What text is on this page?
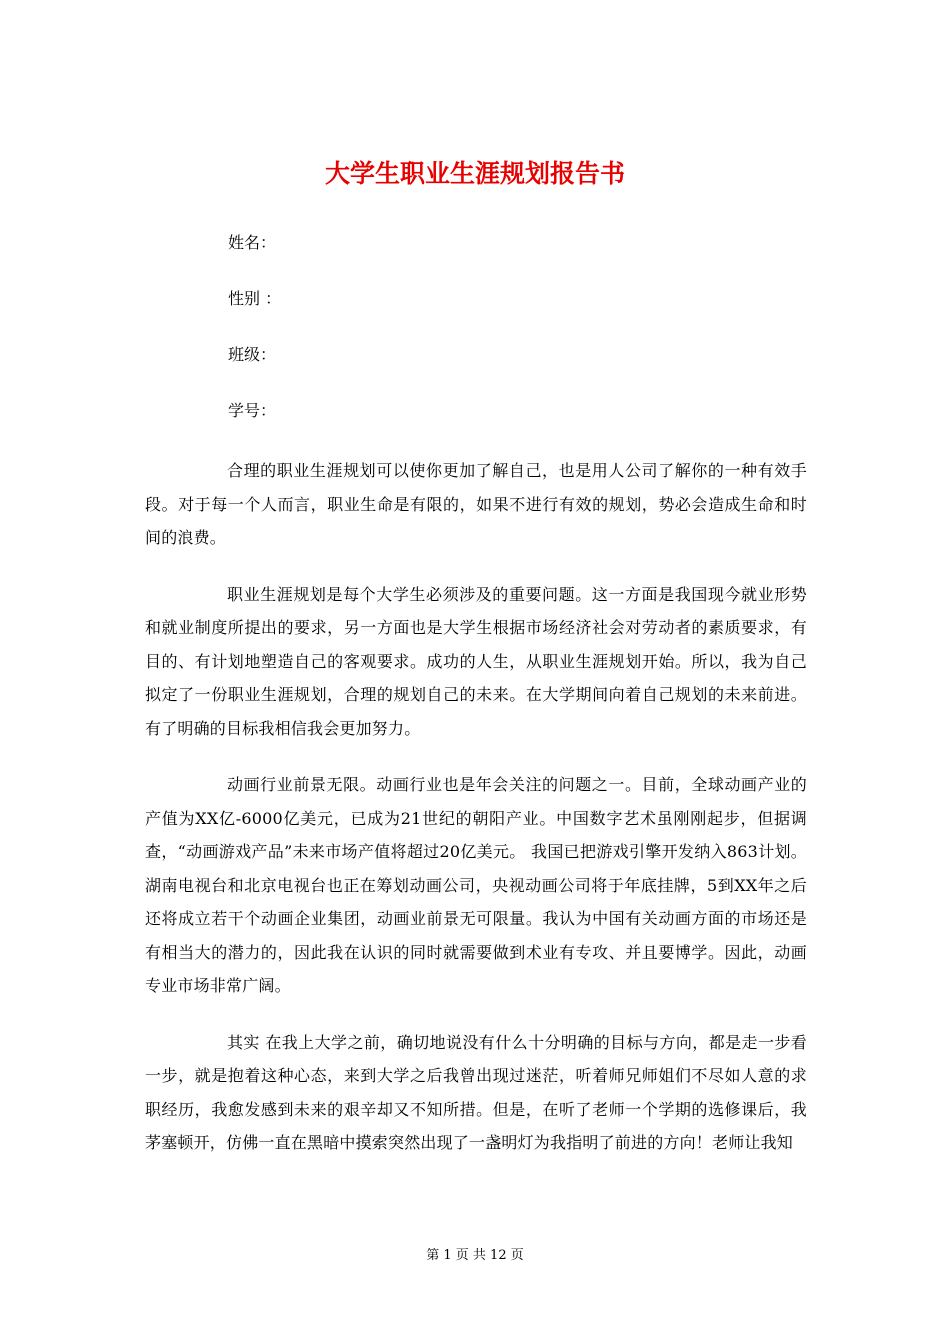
大学生职业生涯规划报告书
姓名：
性别 ：
班级：
学号：

合理的职业生涯规划可以使你更加了解自己，也是用人公司了解你的一种有效手段。对于每一个人而言，职业生命是有限的，如果不进行有效的规划，势必会造成生命和时间的浪费。

职业生涯规划是每个大学生必须涉及的重要问题。这一方面是我国现今就业形势和就业制度所提出的要求，另一方面也是大学生根据市场经济社会对劳动者的素质要求，有目的、有计划地塑造自己的客观要求。成功的人生，从职业生涯规划开始。所以，我为自己拟定了一份职业生涯规划，合理的规划自己的未来。在大学期间向着自己规划的未来前进。有了明确的目标我相信我会更加努力。

动画行业前景无限。动画行业也是年会关注的问题之一。目前，全球动画产业的产值为XX亿-6000亿美元，已成为21世纪的朝阳产业。中国数字艺术虽刚刚起步，但据调查，“动画游戏产品”未来市场产值将超过20亿美元。 我国已把游戏引擎开发纳入863计划。湖南电视台和北京电视台也正在筹划动画公司，央视动画公司将于年底挂牌，5到XX年之后还将成立若干个动画企业集团，动画业前景无可限量。我认为中国有关动画方面的市场还是有相当大的潜力的，因此我在认识的同时就需要做到术业有专攻、并且要博学。因此，动画专业市场非常广阔。

其实 在我上大学之前，确切地说没有什么十分明确的目标与方向，都是走一步看一步，就是抱着这种心态，来到大学之后我曾出现过迷茫，听着师兄师姐们不尽如人意的求职经历，我愈发感到未来的艰辛却又不知所措。但是，在听了老师一个学期的选修课后，我茅塞顿开，仿佛一直在黑暗中摸索突然出现了一盏明灯为我指明了前进的方向！老师让我知

第 1 页 共 12 页
